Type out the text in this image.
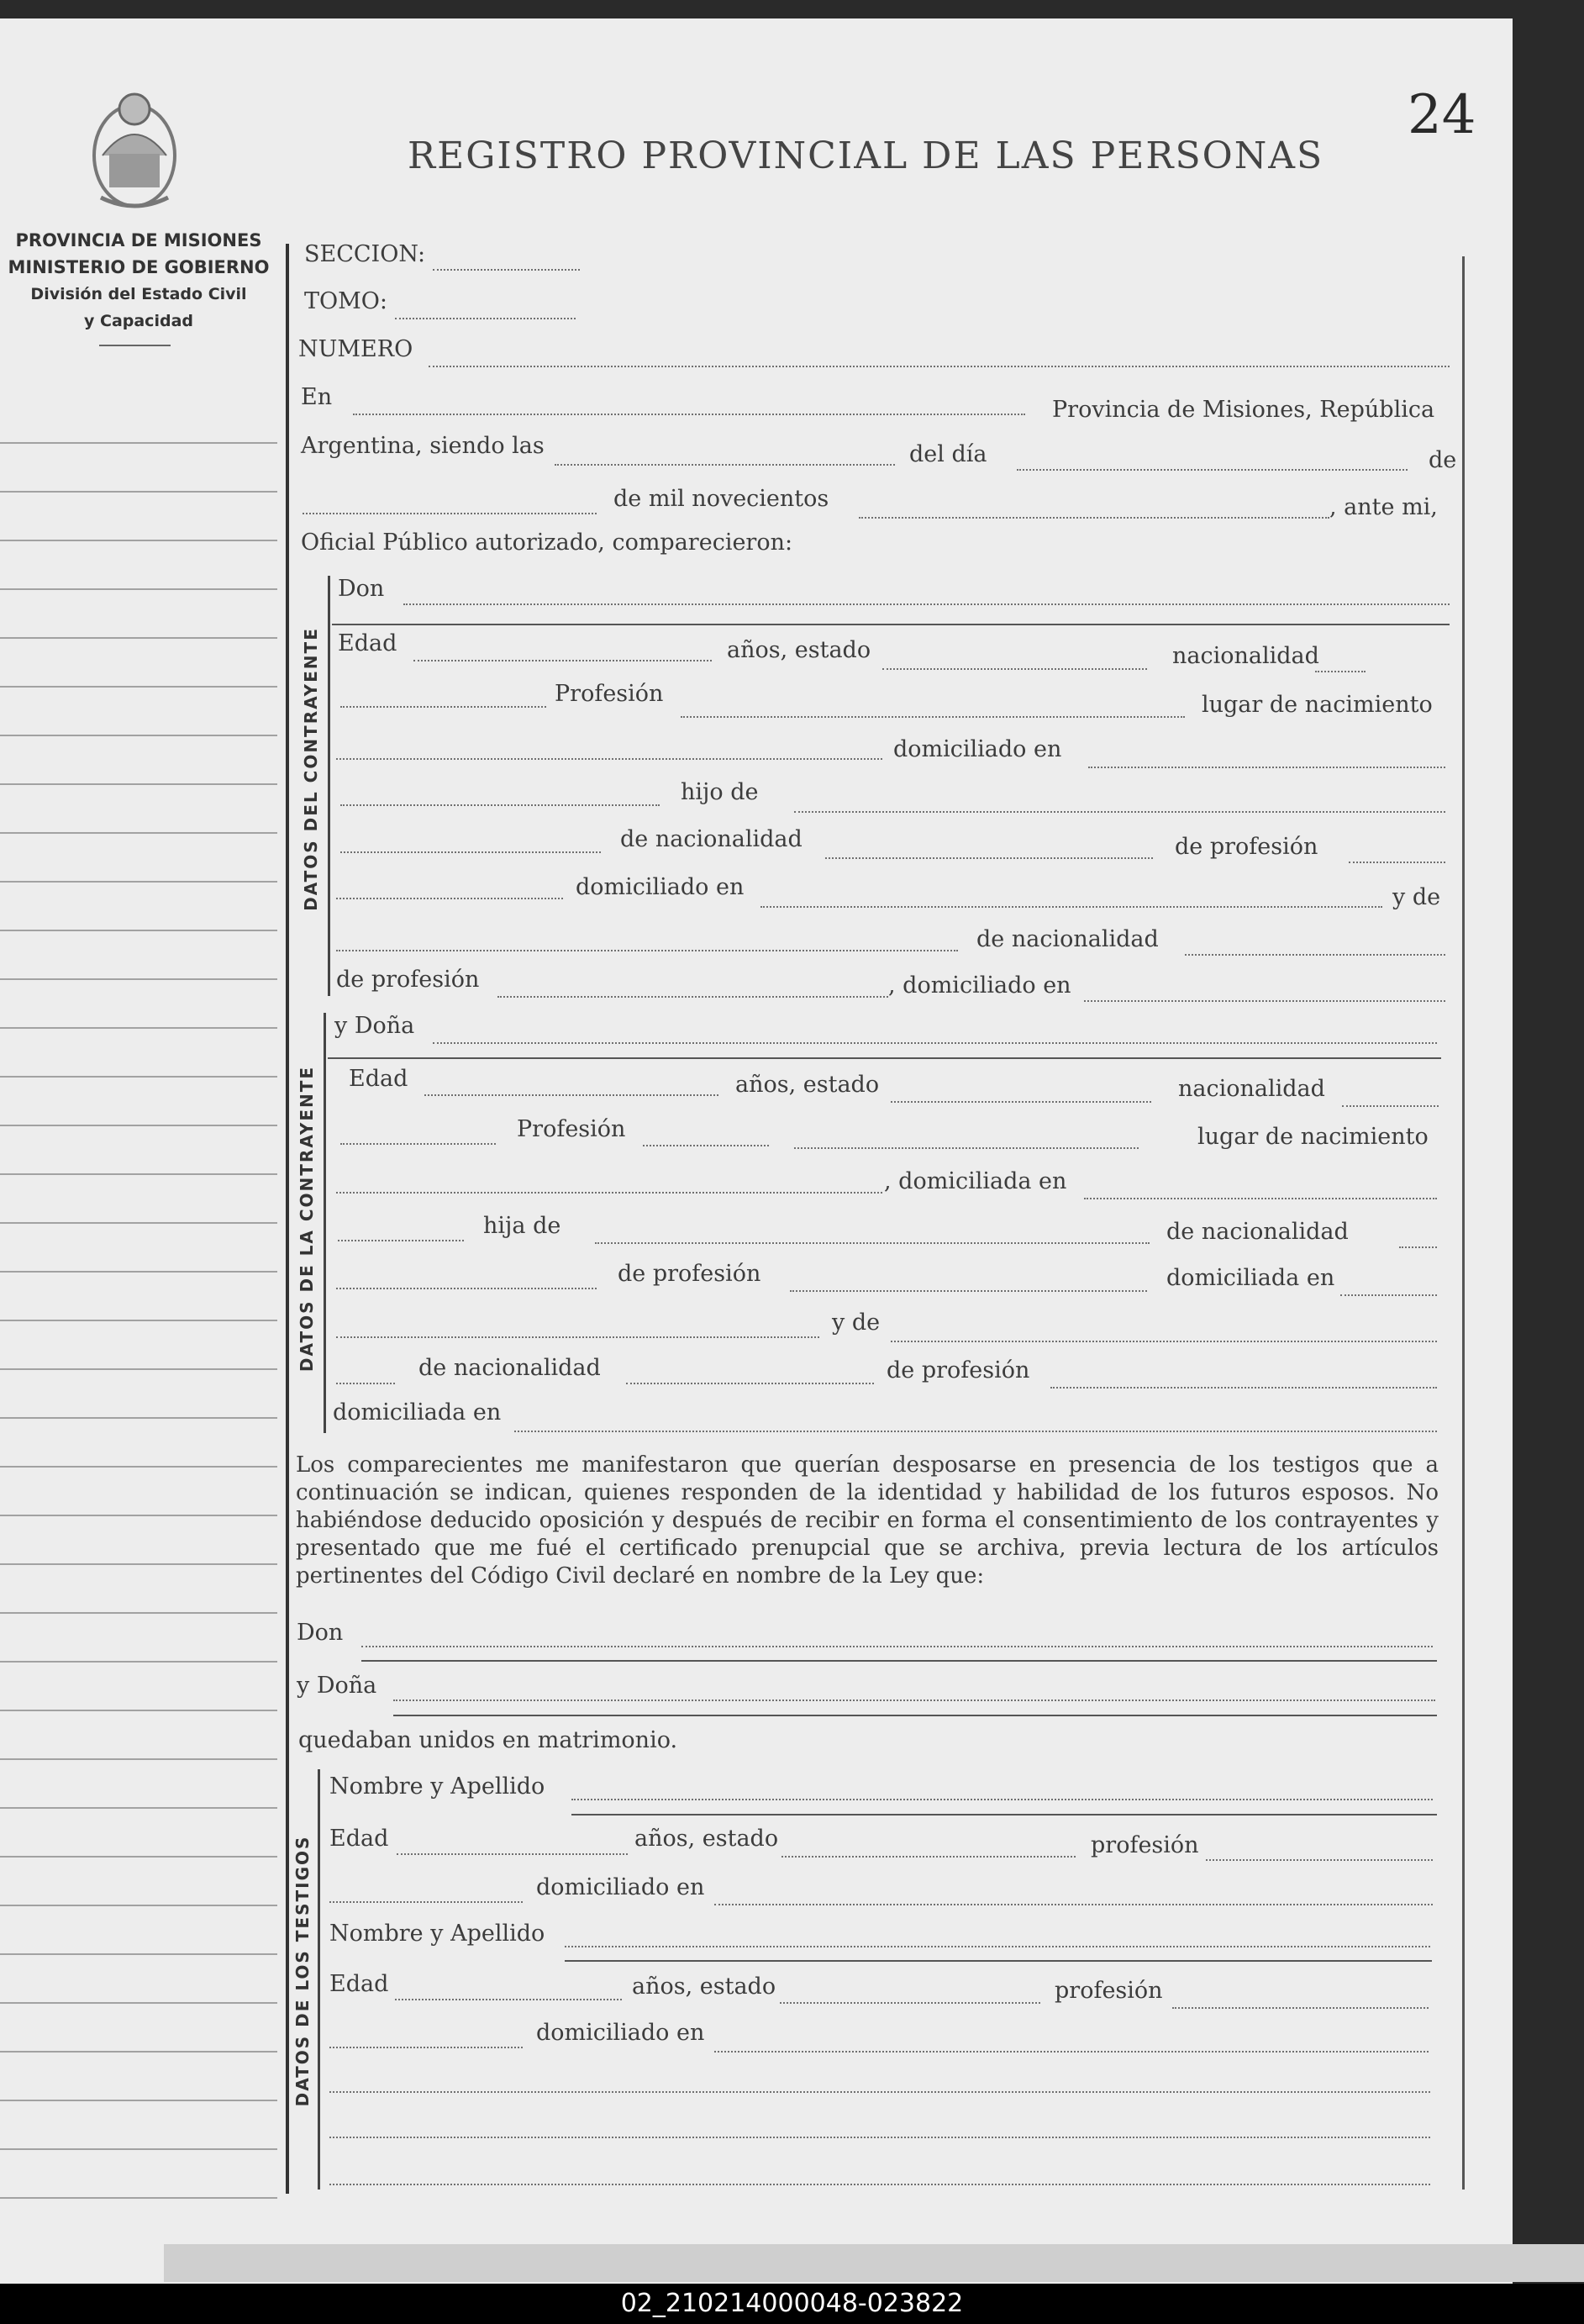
24
REGISTRO PROVINCIAL DE LAS PERSONAS
PROVINCIA DE MISIONES
MINISTERIO DE GOBIERNO
División del Estado Civil
y Capacidad
SECCION:
TOMO:
NUMERO
En	Provincia de Misiones, República
Argentina, siendo las	del día	de
de mil novecientos	, ante mi,
Oficial Público autorizado, comparecieron:
DATOS DEL CONTRAYENTE
Don
Edad	años, estado	nacionalidad
Profesión	lugar de nacimiento
domiciliado en
hijo de
de nacionalidad	de profesión
domiciliado en	y de
de nacionalidad
de profesión	, domiciliado en
DATOS DE LA CONTRAYENTE
y Doña
Edad	años, estado	nacionalidad
Profesión	lugar de nacimiento
, domiciliada en
hija de	de nacionalidad
de profesión	domiciliada en
y de
de nacionalidad	de profesión
domiciliada en
Los comparecientes me manifestaron que querían desposarse en presencia de los testigos que a continuación se indican, quienes responden de la identidad y habilidad de los futuros esposos. No habiéndose deducido oposición y después de recibir en forma el consentimiento de los contrayentes y presentado que me fué el certificado prenupcial que se archiva, previa lectura de los artículos pertinentes del Código Civil declaré en nombre de la Ley que:
Don
y Doña
quedaban unidos en matrimonio.
DATOS DE LOS TESTIGOS
Nombre y Apellido
Edad	años, estado	profesión
domiciliado en
Nombre y Apellido
Edad	años, estado	profesión
domiciliado en
02_210214000048-023822
